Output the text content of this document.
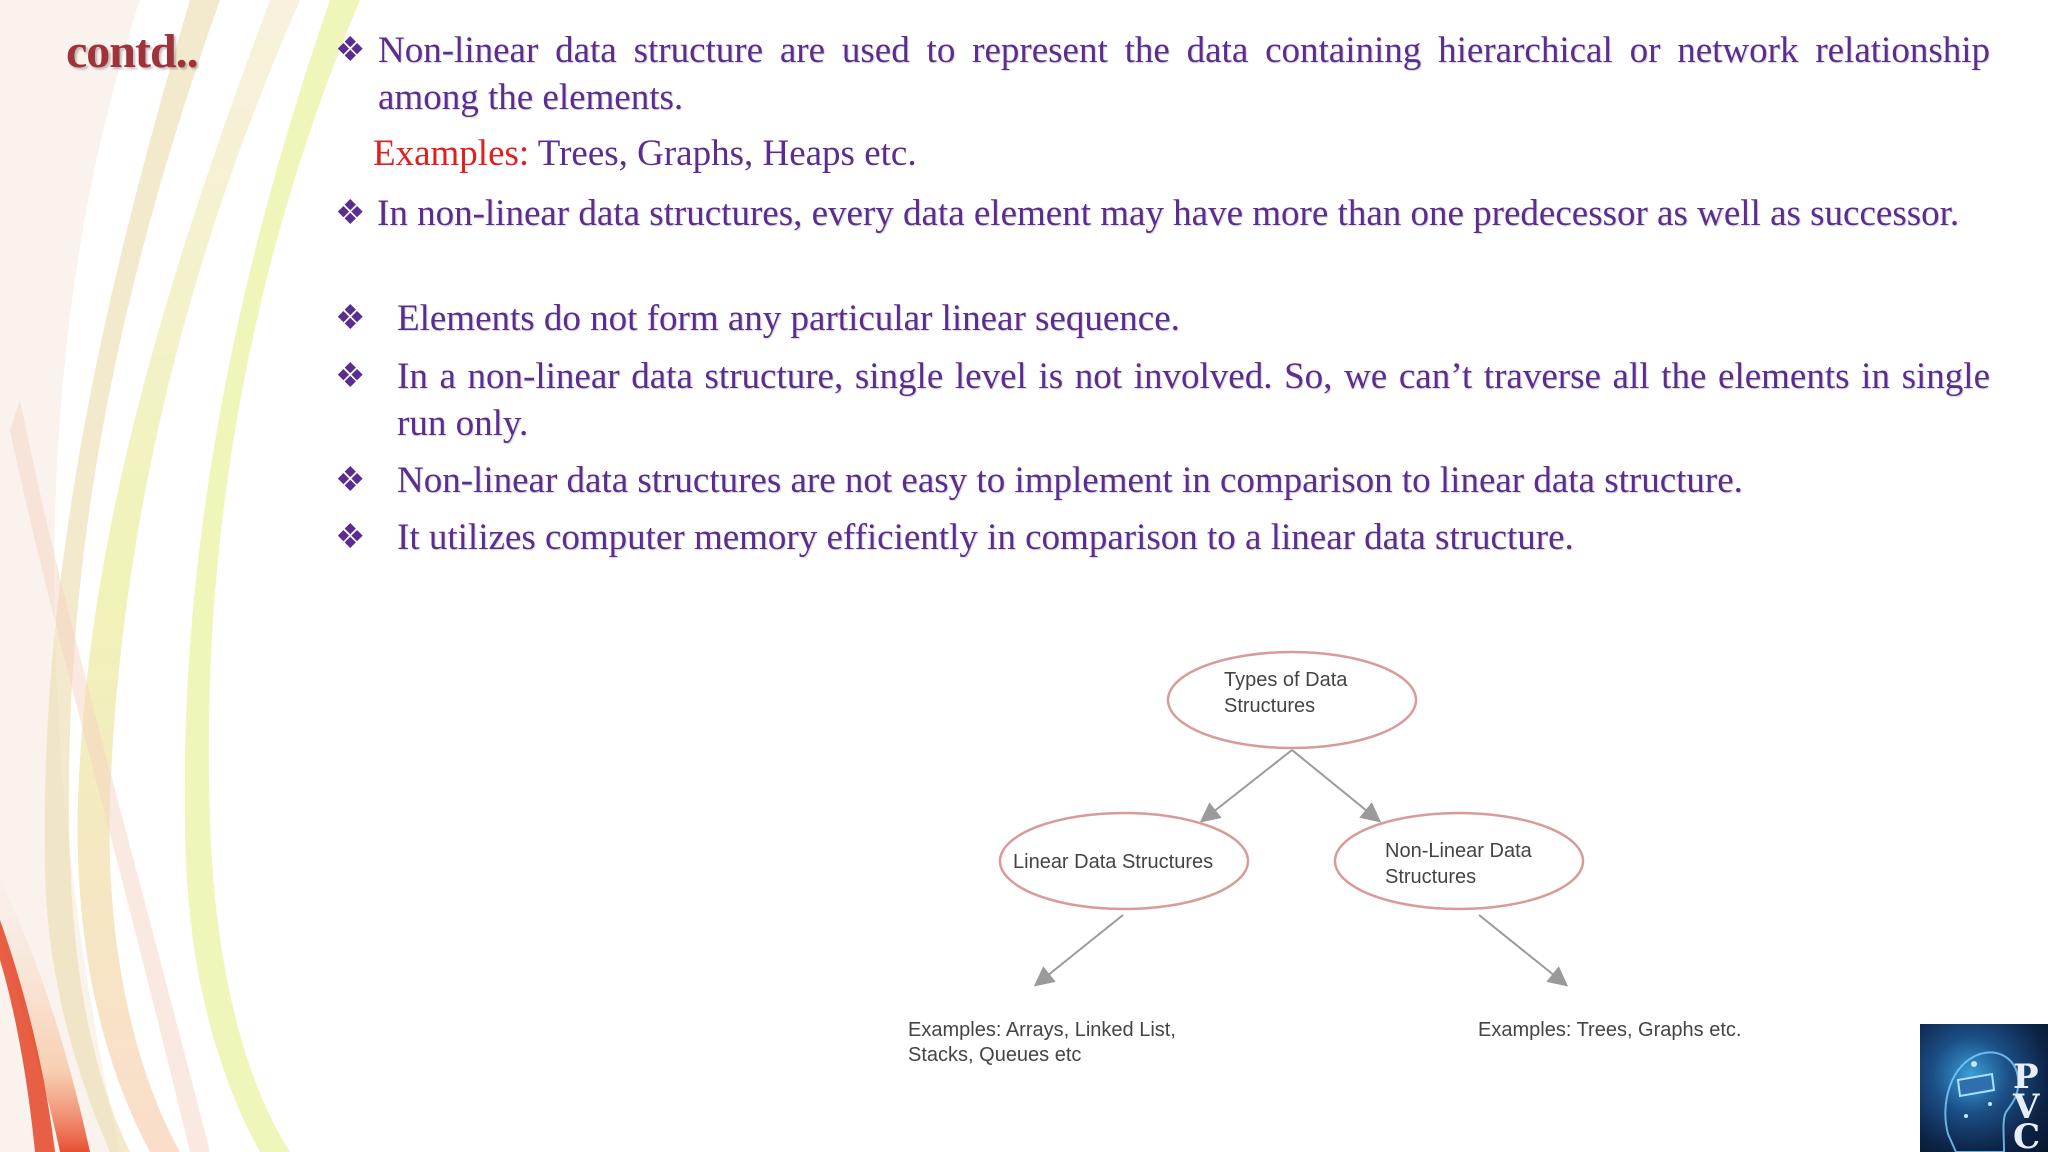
contd..	❖ Non-linear data structure are used to represent the data containing hierarchical or network relationship among the elements.
Examples: Trees, Graphs, Heaps etc.
❖ In non-linear data structures, every data element may have more than one predecessor as well as successor.
❖ Elements do not form any particular linear sequence.
❖ In a non-linear data structure, single level is not involved. So, we can’t traverse all the elements in single run only.
❖ Non-linear data structures are not easy to implement in comparison to linear data structure.
❖ It utilizes computer memory efficiently in comparison to a linear data structure.
Types of Data
Structures
Linear Data Structures	Non-Linear Data
Structures
Examples: Arrays, Linked List,
Stacks, Queues etc
Examples: Trees, Graphs etc.
P
V
C
